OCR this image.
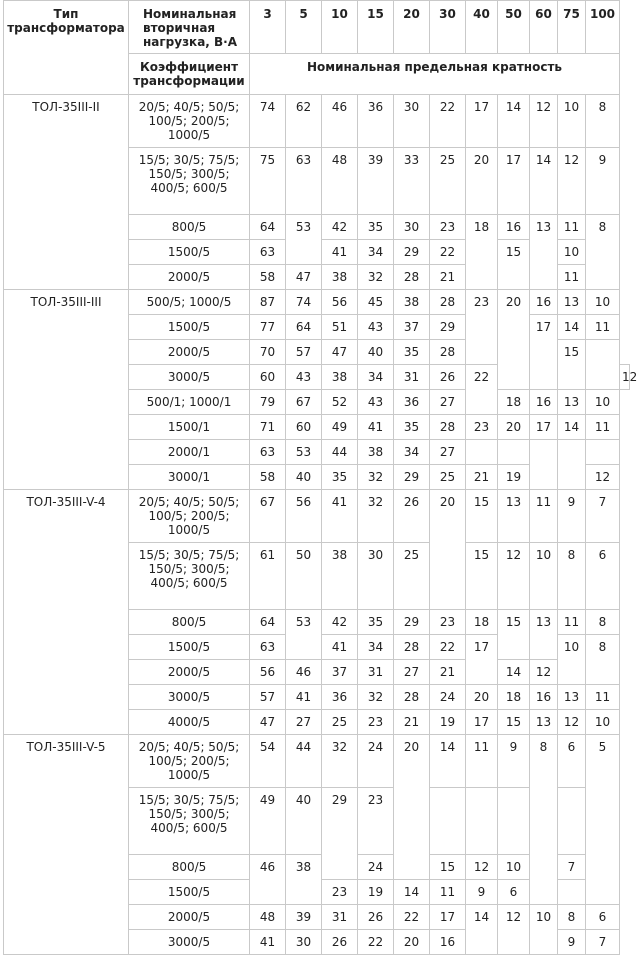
Тип трансформатора	Номинальная вторичная нагрузка, В·А	3	5	10	15	20	30	40	50	60	75	100	
	Коэффициент трансформации	Номинальная предельная кратность											
ТОЛ-35III-II	20/5; 40/5; 50/5; 100/5; 200/5; 1000/5	74	62	46	36	30	22	17	14	12	10	8	
	15/5; 30/5; 75/5; 150/5; 300/5; 400/5; 600/5	75	63	48	39	33	25	20	17	14	12	9	
	800/5	64	53	42	35	30	23	18	16	13	11	8	
	1500/5	63		41	34	29	22		15		10		
	2000/5	58	47	38	32	28	21				11		
ТОЛ-35III-III	500/5; 1000/5	87	74	56	45	38	28	23	20	16	13	10	
	1500/5	77	64	51	43	37	29			17	14	11	
	2000/5	70	57	47	40	35	28				15		
	3000/5	60	43	38	34	31	26	22					12
	500/1; 1000/1	79	67	52	43	36	27		18	16	13	10	
	1500/1	71	60	49	41	35	28	23	20	17	14	11	
	2000/1	63	53	44	38	34	27						
	3000/1	58	40	35	32	29	25	21	19			12	
ТОЛ-35III-V-4	20/5; 40/5; 50/5; 100/5; 200/5; 1000/5	67	56	41	32	26	20	15	13	11	9	7	
	15/5; 30/5; 75/5; 150/5; 300/5; 400/5; 600/5	61	50	38	30	25		15	12	10	8	6	
	800/5	64	53	42	35	29	23	18	15	13	11	8	
	1500/5	63		41	34	28	22	17			10	8	
	2000/5	56	46	37	31	27	21		14	12			
	3000/5	57	41	36	32	28	24	20	18	16	13	11	
	4000/5	47	27	25	23	21	19	17	15	13	12	10	
ТОЛ-35III-V-5	20/5; 40/5; 50/5; 100/5; 200/5; 1000/5	54	44	32	24	20	14	11	9	8	6	5	
	15/5; 30/5; 75/5; 150/5; 300/5; 400/5; 600/5	49	40	29	23								
	800/5	46	38		24		15	12	10		7		
	1500/5			23	19	14	11	9	6				
	2000/5	48	39	31	26	22	17	14	12	10	8	6	
	3000/5	41	30	26	22	20	16				9	7	
